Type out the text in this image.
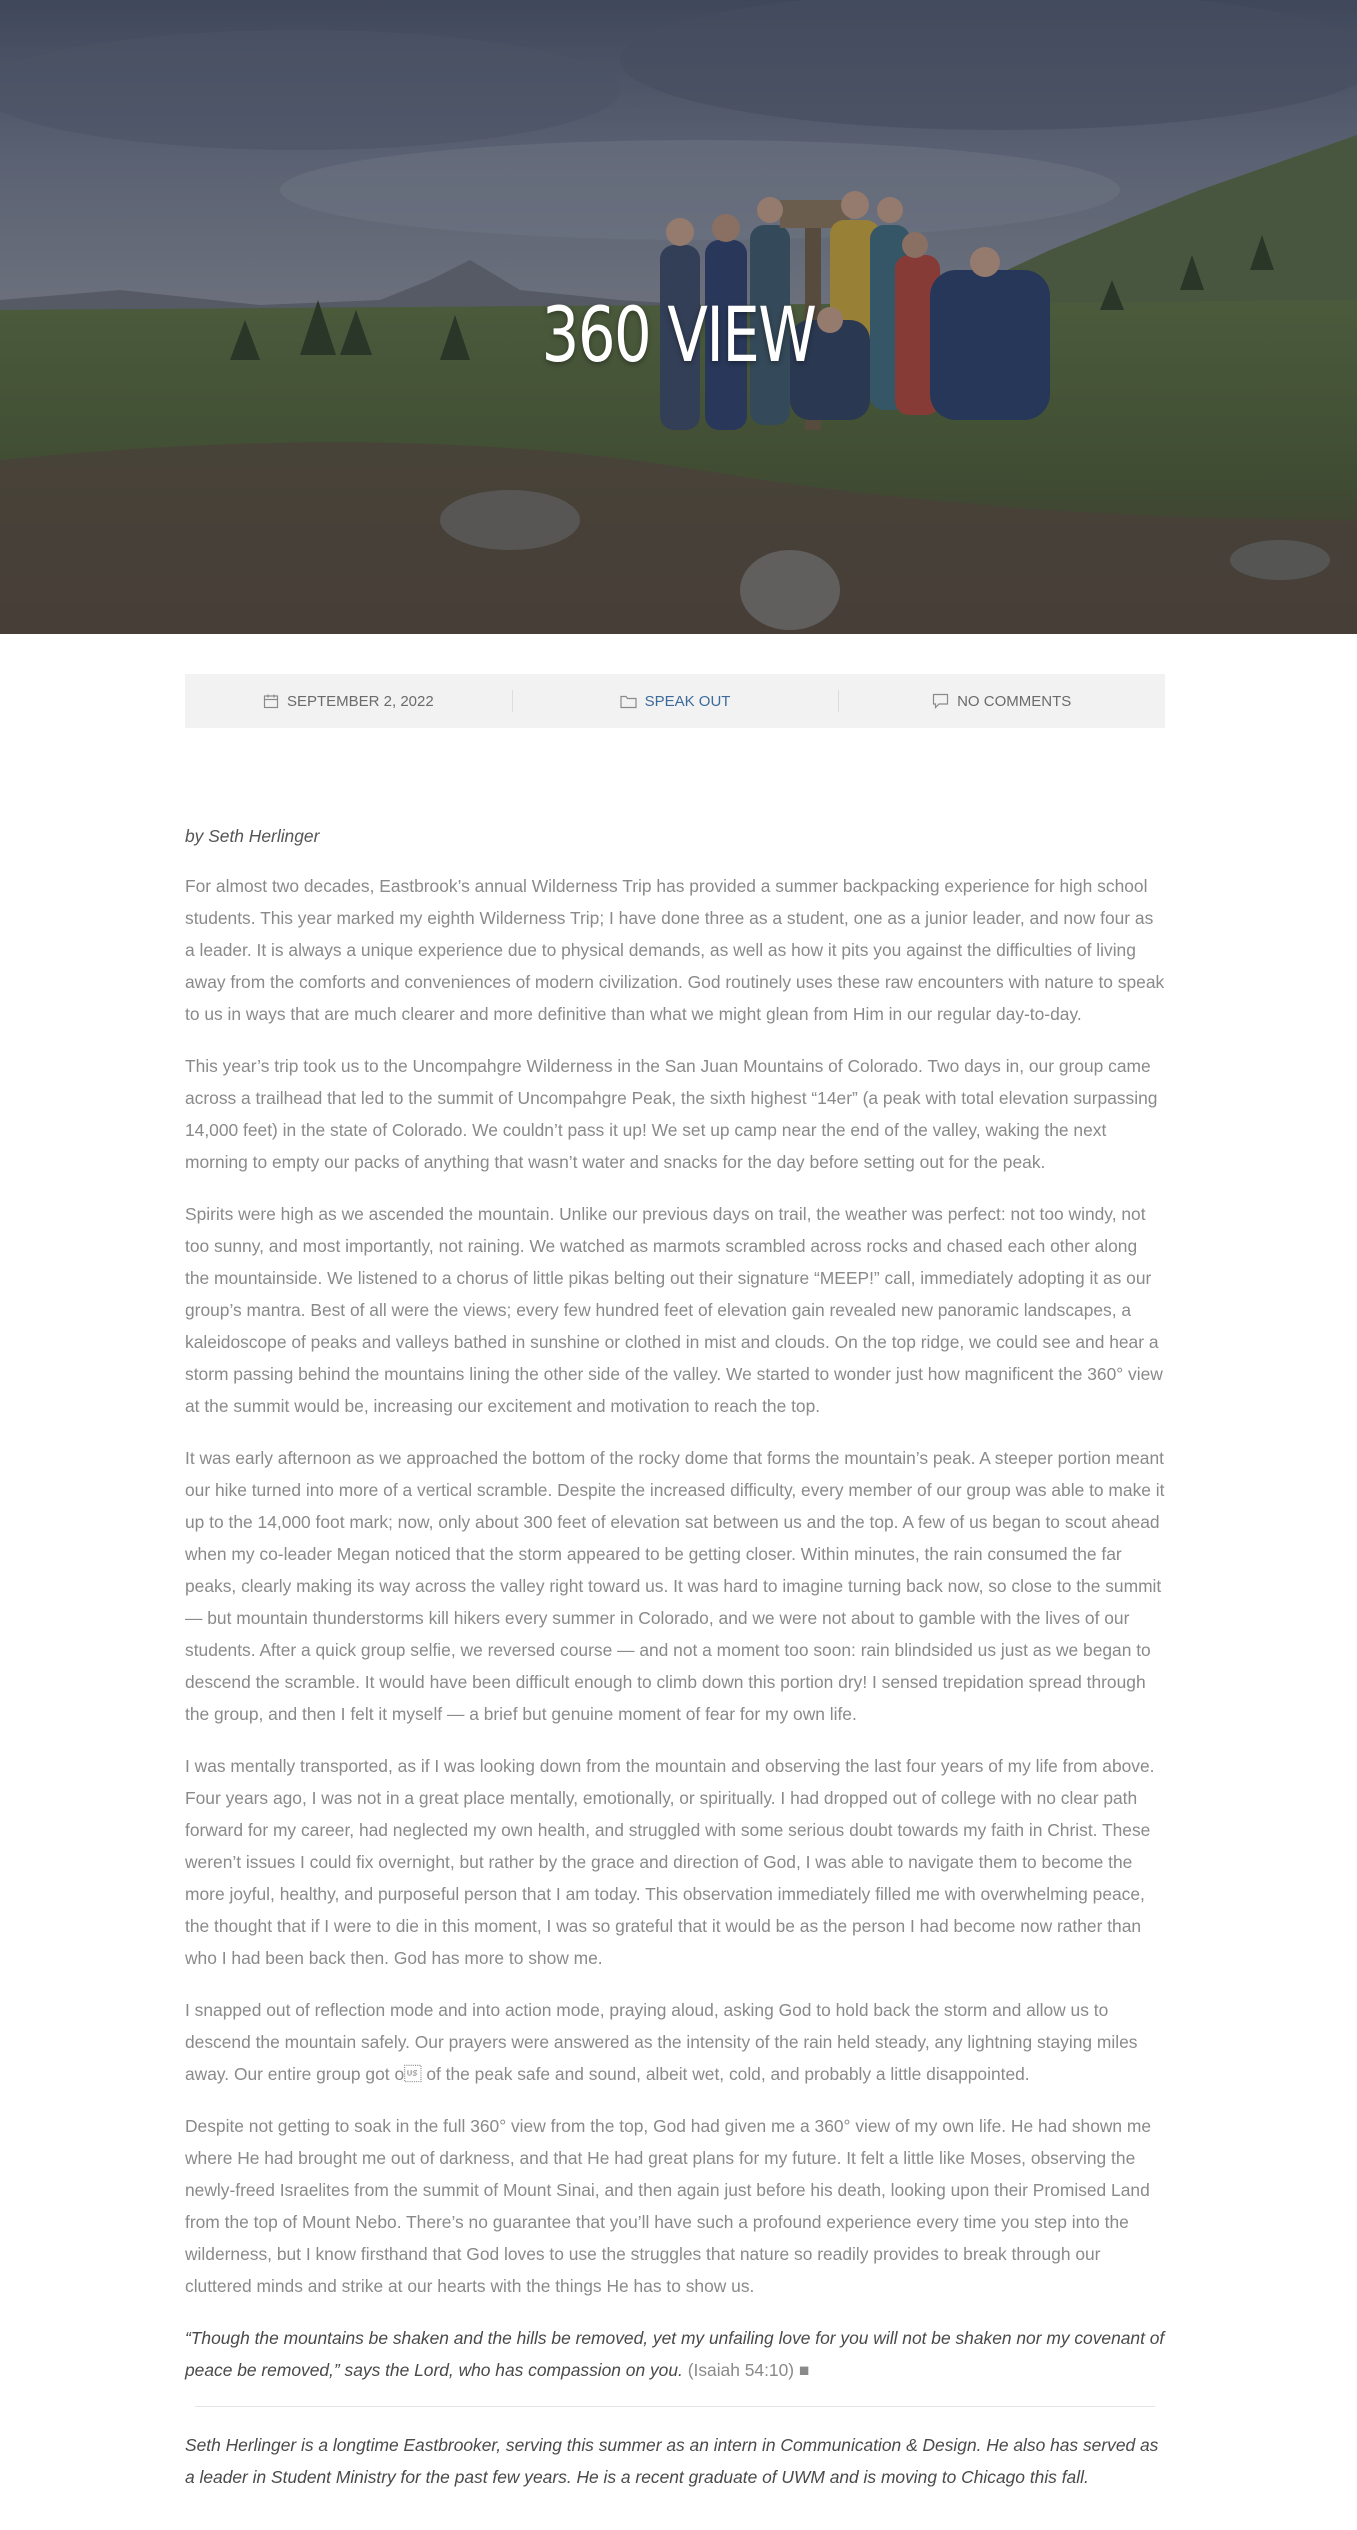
360 VIEW
SEPTEMBER 2, 2022	SPEAK OUT	NO COMMENTS

by Seth Herlinger

For almost two decades, Eastbrook’s annual Wilderness Trip has provided a summer backpacking experience for high school students. This year marked my eighth Wilderness Trip; I have done three as a student, one as a junior leader, and now four as a leader. It is always a unique experience due to physical demands, as well as how it pits you against the difficulties of living away from the comforts and conveniences of modern civilization. God routinely uses these raw encounters with nature to speak to us in ways that are much clearer and more definitive than what we might glean from Him in our regular day-to-day.

This year’s trip took us to the Uncompahgre Wilderness in the San Juan Mountains of Colorado. Two days in, our group came across a trailhead that led to the summit of Uncompahgre Peak, the sixth highest “14er” (a peak with total elevation surpassing 14,000 feet) in the state of Colorado. We couldn’t pass it up! We set up camp near the end of the valley, waking the next morning to empty our packs of anything that wasn’t water and snacks for the day before setting out for the peak.

Spirits were high as we ascended the mountain. Unlike our previous days on trail, the weather was perfect: not too windy, not too sunny, and most importantly, not raining. We watched as marmots scrambled across rocks and chased each other along the mountainside. We listened to a chorus of little pikas belting out their signature “MEEP!” call, immediately adopting it as our group’s mantra. Best of all were the views; every few hundred feet of elevation gain revealed new panoramic landscapes, a kaleidoscope of peaks and valleys bathed in sunshine or clothed in mist and clouds. On the top ridge, we could see and hear a storm passing behind the mountains lining the other side of the valley. We started to wonder just how magnificent the 360° view at the summit would be, increasing our excitement and motivation to reach the top.

It was early afternoon as we approached the bottom of the rocky dome that forms the mountain’s peak. A steeper portion meant our hike turned into more of a vertical scramble. Despite the increased difficulty, every member of our group was able to make it up to the 14,000 foot mark; now, only about 300 feet of elevation sat between us and the top. A few of us began to scout ahead when my co-leader Megan noticed that the storm appeared to be getting closer. Within minutes, the rain consumed the far peaks, clearly making its way across the valley right toward us. It was hard to imagine turning back now, so close to the summit — but mountain thunderstorms kill hikers every summer in Colorado, and we were not about to gamble with the lives of our students. After a quick group selfie, we reversed course — and not a moment too soon: rain blindsided us just as we began to descend the scramble. It would have been difficult enough to climb down this portion dry! I sensed trepidation spread through the group, and then I felt it myself — a brief but genuine moment of fear for my own life.

I was mentally transported, as if I was looking down from the mountain and observing the last four years of my life from above. Four years ago, I was not in a great place mentally, emotionally, or spiritually. I had dropped out of college with no clear path forward for my career, had neglected my own health, and struggled with some serious doubt towards my faith in Christ. These weren’t issues I could fix overnight, but rather by the grace and direction of God, I was able to navigate them to become the more joyful, healthy, and purposeful person that I am today. This observation immediately filled me with overwhelming peace, the thought that if I were to die in this moment, I was so grateful that it would be as the person I had become now rather than who I had been back then. God has more to show me.

I snapped out of reflection mode and into action mode, praying aloud, asking God to hold back the storm and allow us to descend the mountain safely. Our prayers were answered as the intensity of the rain held steady, any lightning staying miles away. Our entire group got o of the peak safe and sound, albeit wet, cold, and probably a little disappointed.

Despite not getting to soak in the full 360° view from the top, God had given me a 360° view of my own life. He had shown me where He had brought me out of darkness, and that He had great plans for my future. It felt a little like Moses, observing the newly-freed Israelites from the summit of Mount Sinai, and then again just before his death, looking upon their Promised Land from the top of Mount Nebo. There’s no guarantee that you’ll have such a profound experience every time you step into the wilderness, but I know firsthand that God loves to use the struggles that nature so readily provides to break through our cluttered minds and strike at our hearts with the things He has to show us.

“Though the mountains be shaken and the hills be removed, yet my unfailing love for you will not be shaken nor my covenant of peace be removed,” says the Lord, who has compassion on you. (Isaiah 54:10) ■

Seth Herlinger is a longtime Eastbrooker, serving this summer as an intern in Communication & Design. He also has served as a leader in Student Ministry for the past few years. He is a recent graduate of UWM and is moving to Chicago this fall.
